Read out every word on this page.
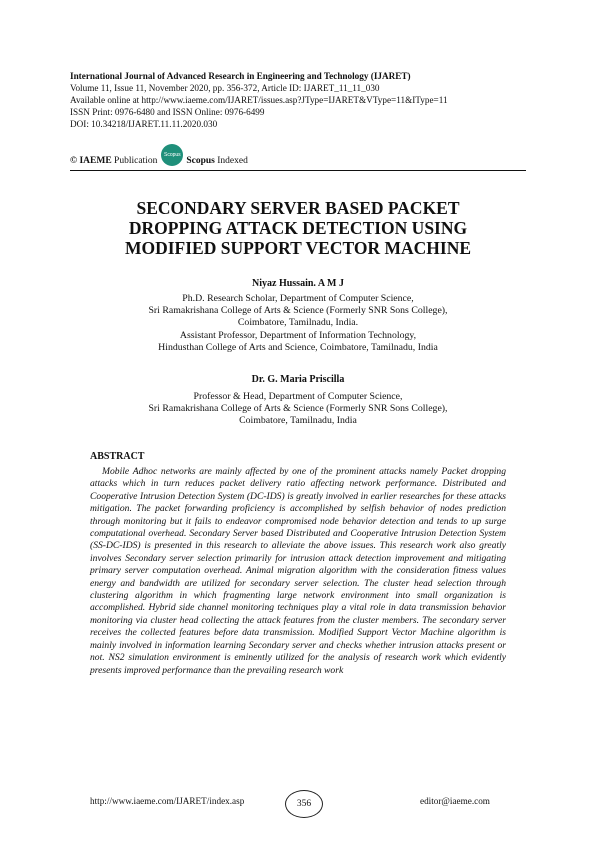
International Journal of Advanced Research in Engineering and Technology (IJARET)
Volume 11, Issue 11, November 2020, pp. 356-372, Article ID: IJARET_11_11_030
Available online at http://www.iaeme.com/IJARET/issues.asp?JType=IJARET&VType=11&IType=11
ISSN Print: 0976-6480 and ISSN Online: 0976-6499
DOI: 10.34218/IJARET.11.11.2020.030
© IAEME
Publication
Scopus
Scopus
Indexed
SECONDARY SERVER BASED PACKET
DROPPING ATTACK DETECTION USING
MODIFIED SUPPORT VECTOR MACHINE
Niyaz Hussain. A M J
Ph.D. Research Scholar, Department of Computer Science,
Sri Ramakrishana College of Arts & Science (Formerly SNR Sons College),
Coimbatore, Tamilnadu, India.
Assistant Professor, Department of Information Technology,
Hindusthan College of Arts and Science, Coimbatore, Tamilnadu, India
Dr. G. Maria Priscilla
Professor & Head, Department of Computer Science,
Sri Ramakrishana College of Arts & Science (Formerly SNR Sons College),
Coimbatore, Tamilnadu, India
ABSTRACT
Mobile Adhoc networks are mainly affected by one of the prominent attacks namely Packet dropping attacks which in turn reduces packet delivery ratio affecting network performance. Distributed and Cooperative Intrusion Detection System (DC-IDS) is greatly involved in earlier researches for these attacks mitigation. The packet forwarding proficiency is accomplished by selfish behavior of nodes prediction through monitoring but it fails to endeavor compromised node behavior detection and tends to up surge computational overhead. Secondary Server based Distributed and Cooperative Intrusion Detection System (SS-DC-IDS) is presented in this research to alleviate the above issues. This research work also greatly involves Secondary server selection primarily for intrusion attack detection improvement and mitigating primary server computation overhead. Animal migration algorithm with the consideration fitness values energy and bandwidth are utilized for secondary server selection. The cluster head selection through clustering algorithm in which fragmenting large network environment into small organization is accomplished. Hybrid side channel monitoring techniques play a vital role in data transmission behavior monitoring via cluster head collecting the attack features from the cluster members. The secondary server receives the collected features before data transmission. Modified Support Vector Machine algorithm is mainly involved in information learning Secondary server and checks whether intrusion attacks present or not. NS2 simulation environment is eminently utilized for the analysis of research work which evidently presents improved performance than the prevailing research work
http://www.iaeme.com/IJARET/index.asp	356	editor@iaeme.com
